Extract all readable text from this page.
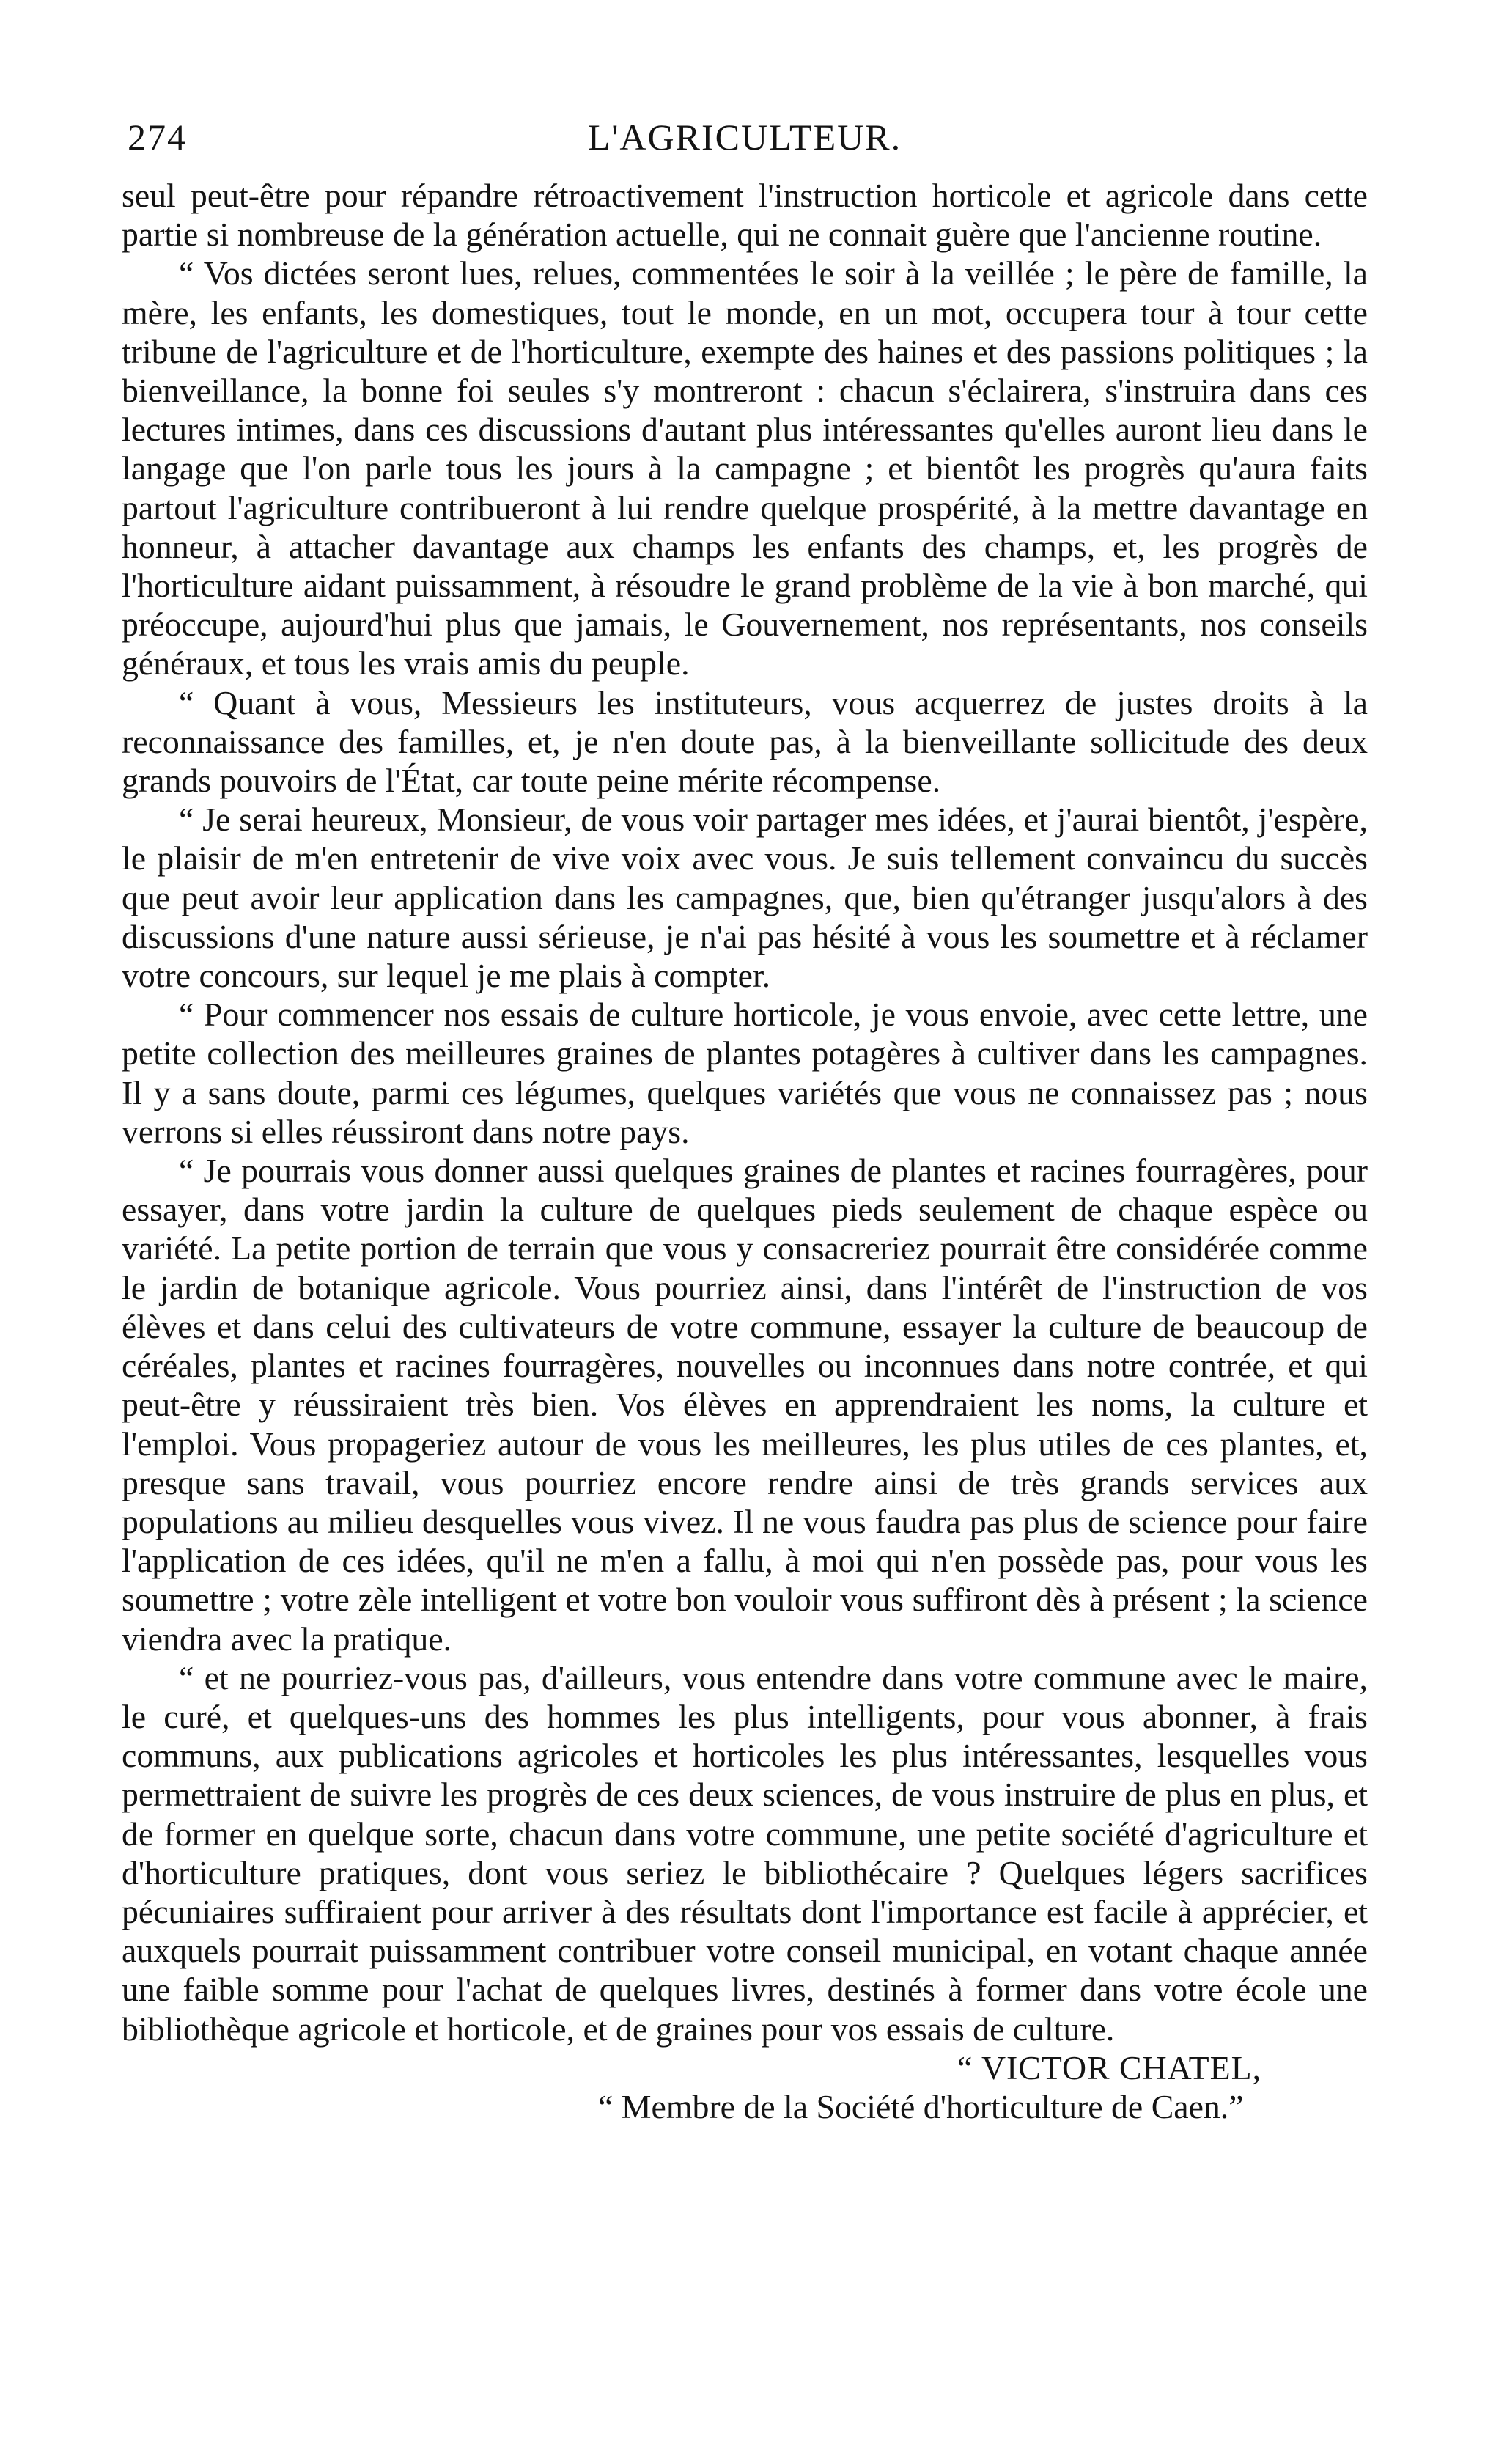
274	L'AGRICULTEUR.

seul peut-être pour répandre rétroactivement l'instruction horticole et agricole dans cette partie si nombreuse de la génération actuelle, qui ne connait guère que l'ancienne routine.

“ Vos dictées seront lues, relues, commentées le soir à la veillée ; le père de famille, la mère, les enfants, les domestiques, tout le monde, en un mot, occupera tour à tour cette tribune de l'agriculture et de l'horticulture, exempte des haines et des passions politiques ; la bienveillance, la bonne foi seules s'y montreront : chacun s'éclairera, s'instruira dans ces lectures intimes, dans ces discussions d'autant plus intéressantes qu'elles auront lieu dans le langage que l'on parle tous les jours à la campagne ; et bientôt les progrès qu'aura faits partout l'agriculture contribueront à lui rendre quelque prospérité, à la mettre davantage en honneur, à attacher davantage aux champs les enfants des champs, et, les progrès de l'horticulture aidant puissamment, à résoudre le grand problème de la vie à bon marché, qui préoccupe, aujourd'hui plus que jamais, le Gouvernement, nos représentants, nos conseils généraux, et tous les vrais amis du peuple.

“ Quant à vous, Messieurs les instituteurs, vous acquerrez de justes droits à la reconnaissance des familles, et, je n'en doute pas, à la bienveillante sollicitude des deux grands pouvoirs de l'État, car toute peine mérite récompense.

“ Je serai heureux, Monsieur, de vous voir partager mes idées, et j'aurai bientôt, j'espère, le plaisir de m'en entretenir de vive voix avec vous. Je suis tellement convaincu du succès que peut avoir leur application dans les campagnes, que, bien qu'étranger jusqu'alors à des discussions d'une nature aussi sérieuse, je n'ai pas hésité à vous les soumettre et à réclamer votre concours, sur lequel je me plais à compter.

“ Pour commencer nos essais de culture horticole, je vous envoie, avec cette lettre, une petite collection des meilleures graines de plantes potagères à cultiver dans les campagnes. Il y a sans doute, parmi ces légumes, quelques variétés que vous ne connaissez pas ; nous verrons si elles réussiront dans notre pays.

“ Je pourrais vous donner aussi quelques graines de plantes et racines fourragères, pour essayer, dans votre jardin la culture de quelques pieds seulement de chaque espèce ou variété. La petite portion de terrain que vous y consacreriez pourrait être considérée comme le jardin de botanique agricole. Vous pourriez ainsi, dans l'intérêt de l'instruction de vos élèves et dans celui des cultivateurs de votre commune, essayer la culture de beaucoup de céréales, plantes et racines fourragères, nouvelles ou inconnues dans notre contrée, et qui peut-être y réussiraient très bien. Vos élèves en apprendraient les noms, la culture et l'emploi. Vous propageriez autour de vous les meilleures, les plus utiles de ces plantes, et, presque sans travail, vous pourriez encore rendre ainsi de très grands services aux populations au milieu desquelles vous vivez. Il ne vous faudra pas plus de science pour faire l'application de ces idées, qu'il ne m'en a fallu, à moi qui n'en possède pas, pour vous les soumettre ; votre zèle intelligent et votre bon vouloir vous suffiront dès à présent ; la science viendra avec la pratique.

“ et ne pourriez-vous pas, d'ailleurs, vous entendre dans votre commune avec le maire, le curé, et quelques-uns des hommes les plus intelligents, pour vous abonner, à frais communs, aux publications agricoles et horticoles les plus intéressantes, lesquelles vous permettraient de suivre les progrès de ces deux sciences, de vous instruire de plus en plus, et de former en quelque sorte, chacun dans votre commune, une petite société d'agriculture et d'horticulture pratiques, dont vous seriez le bibliothécaire ? Quelques légers sacrifices pécuniaires suffiraient pour arriver à des résultats dont l'importance est facile à apprécier, et auxquels pourrait puissamment contribuer votre conseil municipal, en votant chaque année une faible somme pour l'achat de quelques livres, destinés à former dans votre école une bibliothèque agricole et horticole, et de graines pour vos essais de culture.

“ VICTOR CHATEL,
“ Membre de la Société d'horticulture de Caen.”
